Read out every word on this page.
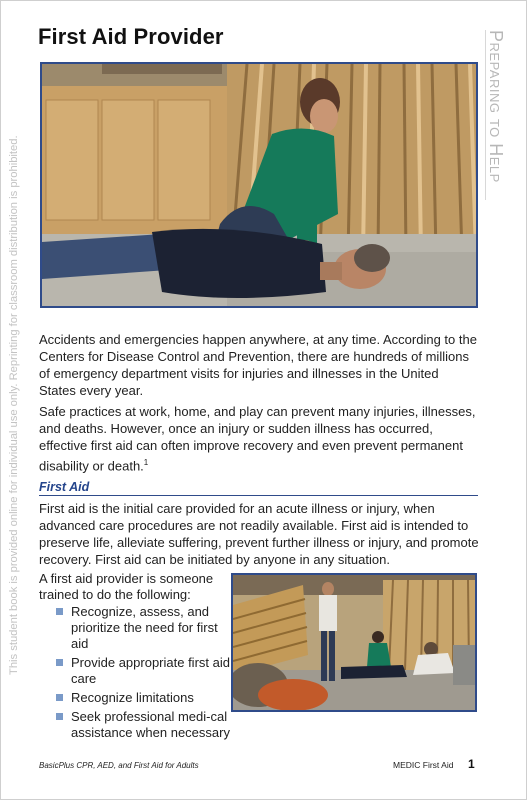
First Aid Provider	Preparing to Help
This student book is provided online for individual use only. Reprinting for classroom distribution is prohibited. Accidents and emergencies happen anywhere, at any time. According to the Centers for Disease Control and Prevention, there are hundreds of millions of emergency department visits for injuries and illnesses in the United States every year.

Safe practices at work, home, and play can prevent many injuries, illnesses, and deaths. However, once an injury or sudden illness has occurred, effective first aid can often improve recovery and even prevent permanent disability or death.$^1$

First Aid

First aid is the initial care provided for an acute illness or injury, when advanced care procedures are not readily available. First aid is intended to preserve life, alleviate suffering, prevent further illness or injury, and promote recovery. First aid can be initiated by anyone in any situation.

A first aid provider is someone trained to do the following:

Recognize, assess, and prioritize the need for first aid
Provide appropriate first aid care
Recognize limitations
Seek professional medi-cal assistance when necessary
BasicPlus CPR, AED, and First Aid for Adults	MEDIC First Aid 1
